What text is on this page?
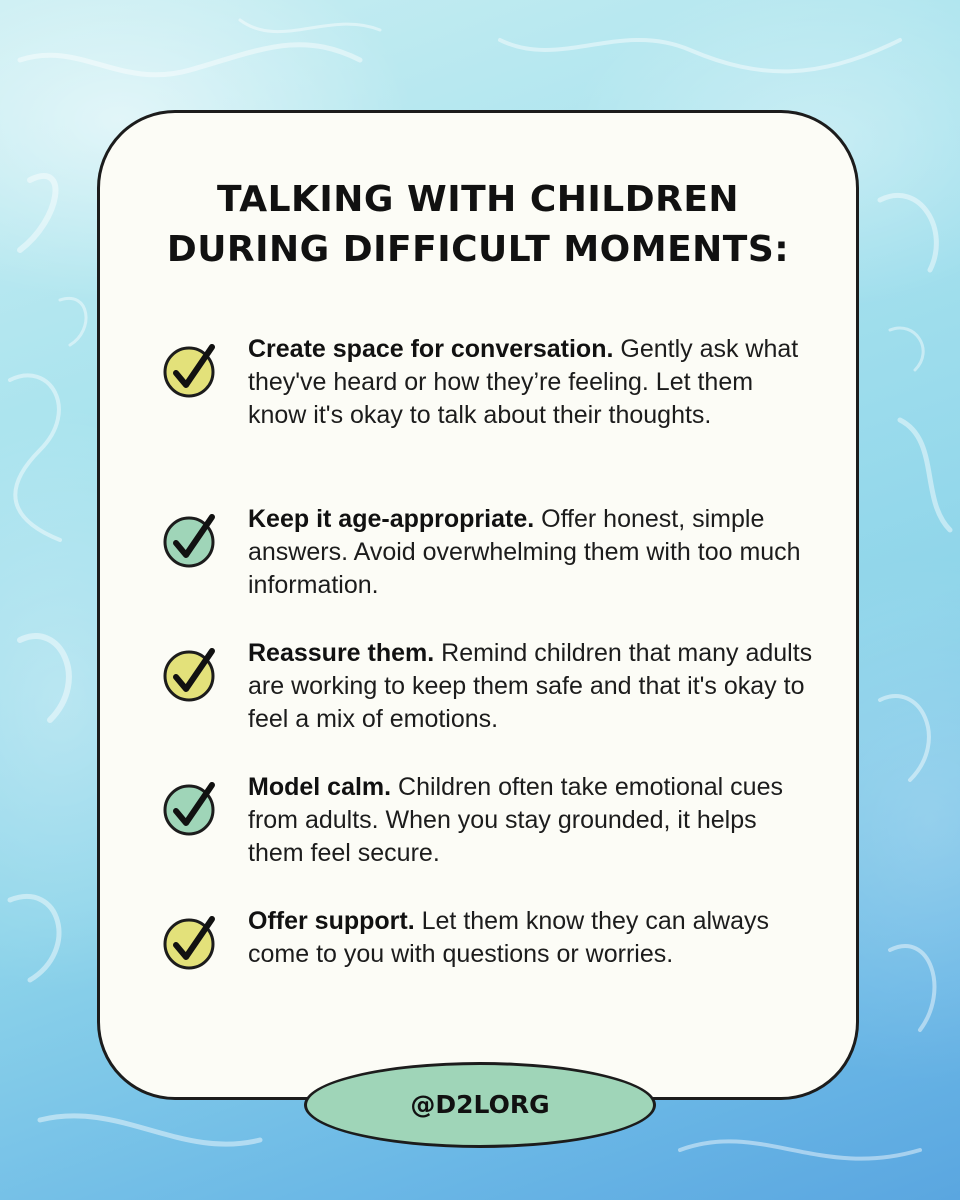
TALKING WITH CHILDREN
DURING DIFFICULT MOMENTS:
Create space for conversation. Gently ask what they've heard or how they’re feeling. Let them know it's okay to talk about their thoughts.
Keep it age-appropriate. Offer honest, simple answers. Avoid overwhelming them with too much information.
Reassure them. Remind children that many adults are working to keep them safe and that it's okay to feel a mix of emotions.
Model calm. Children often take emotional cues from adults. When you stay grounded, it helps them feel secure.
Offer support. Let them know they can always come to you with questions or worries.
@D2LORG
